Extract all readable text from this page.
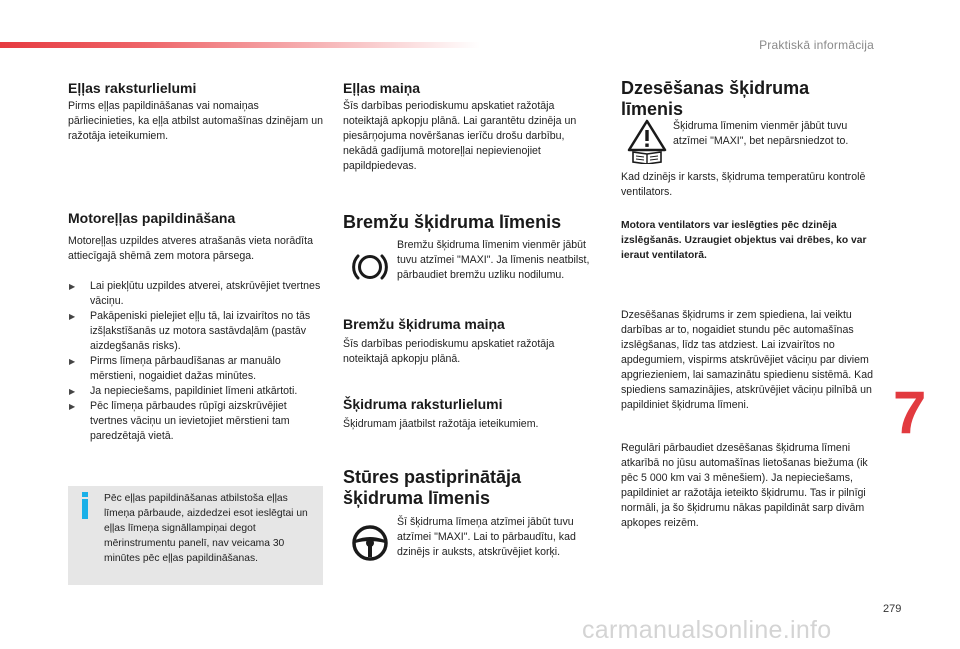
Praktiskā informācija
Eļļas raksturlielumi

Pirms eļļas papildināšanas vai nomaiņas pārliecinieties, ka eļļa atbilst automašīnas dzinējam un ražotāja ieteikumiem.

Motoreļļas papildināšana

Motoreļļas uzpildes atveres atrašanās vieta norādīta attiecīgajā shēmā zem motora pārsega.

▶ Lai piekļūtu uzpildes atverei, atskrūvējiet tvertnes vāciņu.
▶ Pakāpeniski pielejiet eļļu tā, lai izvairītos no tās izšļakstīšanās uz motora sastāvdaļām (pastāv aizdegšanās risks).
▶ Pirms līmeņa pārbaudīšanas ar manuālo mērstieni, nogaidiet dažas minūtes.
▶ Ja nepieciešams, papildiniet līmeni atkārtoti.
▶ Pēc līmeņa pārbaudes rūpīgi aizskrūvējiet tvertnes vāciņu un ievietojiet mērstieni tam paredzētajā vietā.

Pēc eļļas papildināšanas atbilstoša eļļas līmeņa pārbaude, aizdedzei esot ieslēgtai un eļļas līmeņa signāllampiņai degot mērinstrumentu panelī, nav veicama 30 minūtes pēc eļļas papildināšanas.

Eļļas maiņa

Šīs darbības periodiskumu apskatiet ražotāja noteiktajā apkopju plānā. Lai garantētu dzinēja un piesārņojuma novēršanas ierīču drošu darbību, nekādā gadījumā motoreļļai nepievienojiet papildpiedevas.

Bremžu šķidruma līmenis

Bremžu šķidruma līmenim vienmēr jābūt tuvu atzīmei "MAXI". Ja līmenis neatbilst, pārbaudiet bremžu uzliku nodilumu.

Bremžu šķidruma maiņa

Šīs darbības periodiskumu apskatiet ražotāja noteiktajā apkopju plānā.

Šķidruma raksturlielumi

Šķidrumam jāatbilst ražotāja ieteikumiem.

Stūres pastiprinātāja šķidruma līmenis

Šī šķidruma līmeņa atzīmei jābūt tuvu atzīmei "MAXI". Lai to pārbaudītu, kad dzinējs ir auksts, atskrūvējiet korķi.

Dzesēšanas šķidruma līmenis

Šķidruma līmenim vienmēr jābūt tuvu atzīmei "MAXI", bet nepārsniedzot to.

Kad dzinējs ir karsts, šķidruma temperatūru kontrolē ventilators.

Motora ventilators var ieslēgties pēc dzinēja izslēgšanās. Uzraugiet objektus vai drēbes, ko var ieraut ventilatorā.

Dzesēšanas šķidrums ir zem spiediena, lai veiktu darbības ar to, nogaidiet stundu pēc automašīnas izslēgšanas, līdz tas atdziest. Lai izvairītos no apdegumiem, vispirms atskrūvējiet vāciņu par diviem apgriezieniem, lai samazinātu spiedienu sistēmā. Kad spiediens samazinājies, atskrūvējiet vāciņu pilnībā un papildiniet šķidruma līmeni.

Regulāri pārbaudiet dzesēšanas šķidruma līmeni atkarībā no jūsu automašīnas lietošanas biežuma (ik pēc 5 000 km vai 3 mēnešiem). Ja nepieciešams, papildiniet ar ražotāja ieteikto šķidrumu. Tas ir pilnīgi normāli, ja šo šķidrumu nākas papildināt sarp divām apkopes reizēm.

7
279
carmanualsonline.info
